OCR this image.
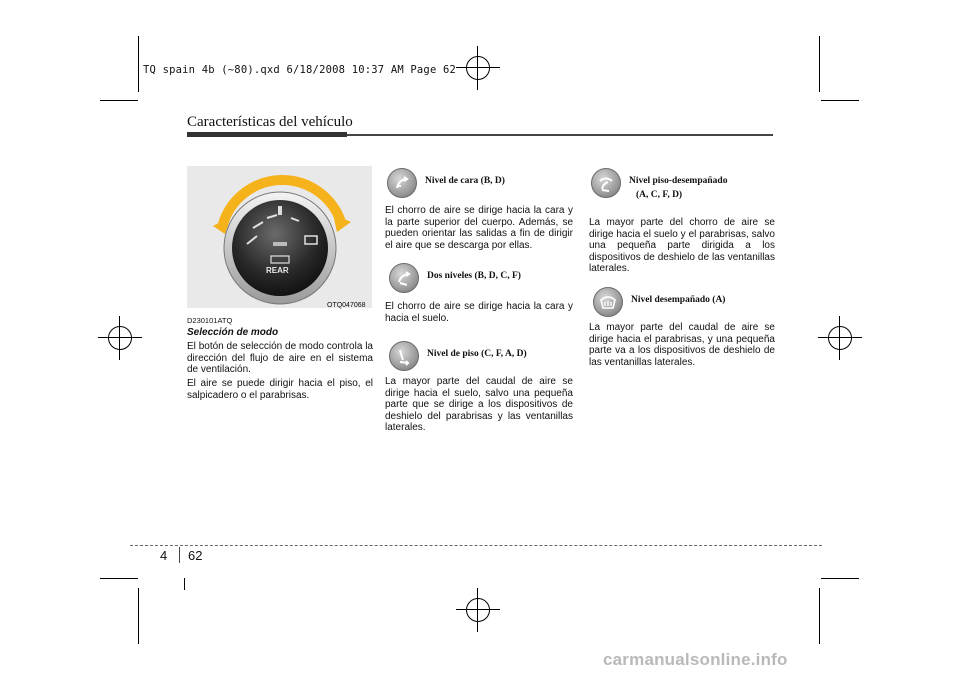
TQ spain 4b (~80).qxd 6/18/2008 10:37 AM Page 62
Características del vehículo
REAR
OTQ047068
D230101ATQ
Selección de modo
El botón de selección de modo controla la dirección del flujo de aire en el sistema de ventilación.
El aire se puede dirigir hacia el piso, el salpicadero o el parabrisas.
Nivel de cara (B, D)
El chorro de aire se dirige hacia la cara y la parte superior del cuerpo. Además, se pueden orientar las salidas a fin de dirigir el aire que se descarga por ellas.
Dos niveles (B, D, C, F)
El chorro de aire se dirige hacia la cara y hacia el suelo.
Nivel de piso (C, F, A, D)
La mayor parte del caudal de aire se dirige hacia el suelo, salvo una pequeña parte que se dirige a los dispositivos de deshielo del parabrisas y las ventanillas laterales.
Nivel piso-desempañado
(A, C, F, D)
La mayor parte del chorro de aire se dirige hacia el suelo y el parabrisas, salvo una pequeña parte dirigida a los dispositivos de deshielo de las ventanillas laterales.
Nivel desempañado (A)
La mayor parte del caudal de aire se dirige hacia el parabrisas, y una pequeña parte va a los dispositivos de deshielo de las ventanillas laterales.
4 62
carmanualsonline.info
